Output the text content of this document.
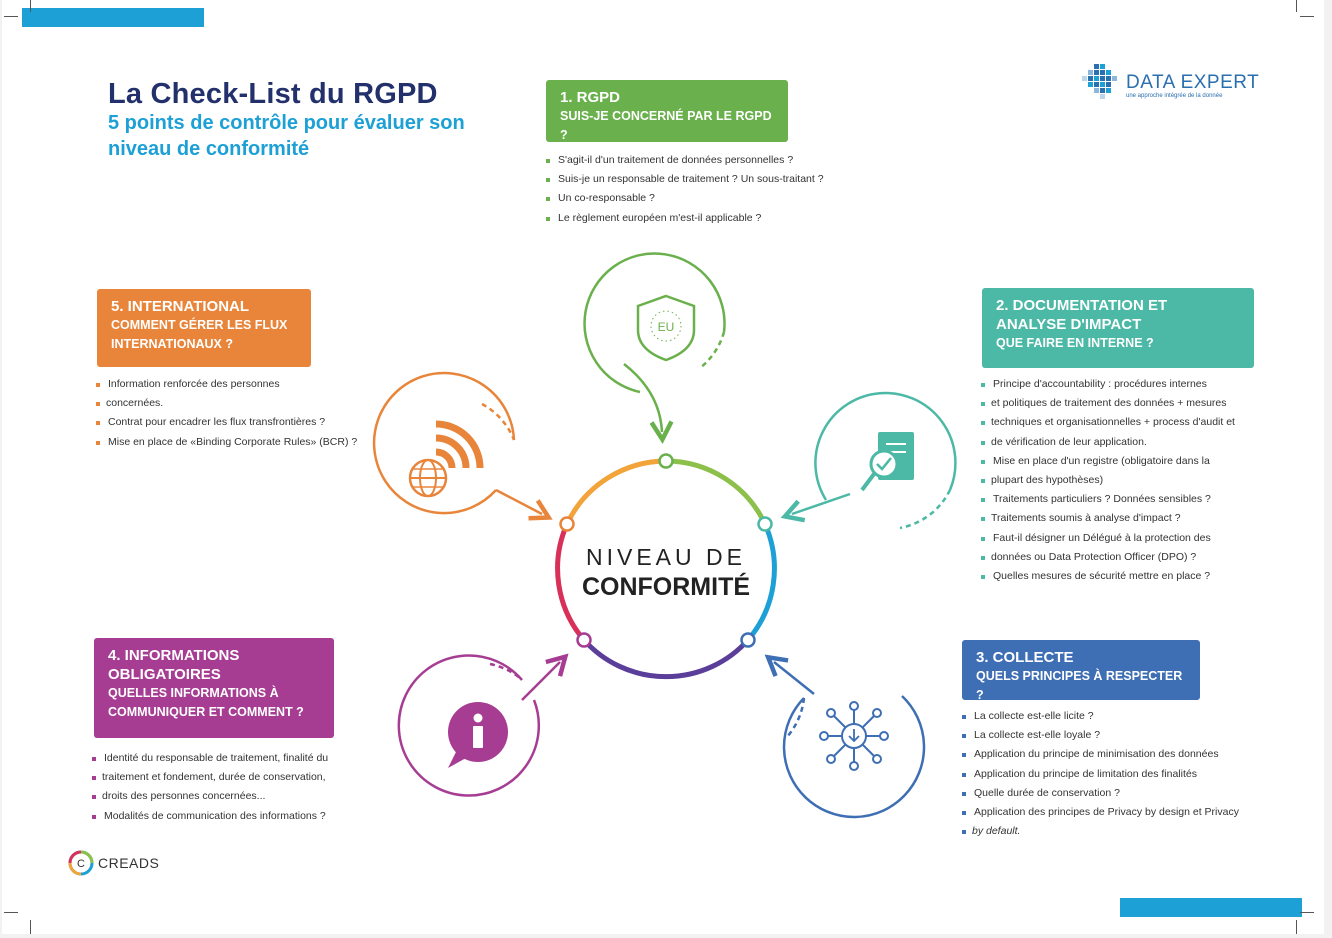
La Check-List du RGPD
5 points de contrôle pour évaluer son niveau de conformité
DATA EXPERT
une approche intégrée de la donnée
EU
NIVEAU DE
CONFORMITÉ
1. RGPD
SUIS-JE CONCERNÉ PAR LE RGPD ?
S'agit-il d'un traitement de données personnelles ?
Suis-je un responsable de traitement ? Un sous-traitant ?
Un co-responsable ?
Le règlement européen m'est-il applicable ?
2. DOCUMENTATION ET ANALYSE D'IMPACT
QUE FAIRE EN INTERNE ?
Principe d'accountability : procédures internes
et politiques de traitement des données + mesures
techniques et organisationnelles + process d'audit et
de vérification de leur application.
Mise en place d'un registre (obligatoire dans la
plupart des hypothèses)
Traitements particuliers ? Données sensibles ?
Traitements soumis à analyse d'impact ?
Faut-il désigner un Délégué à la protection des
données ou Data Protection Officer (DPO) ?
Quelles mesures de sécurité mettre en place ?
3. COLLECTE
QUELS PRINCIPES À RESPECTER ?
La collecte est-elle licite ?
La collecte est-elle loyale ?
Application du principe de minimisation des données
Application du principe de limitation des finalités
Quelle durée de conservation ?
Application des principes de Privacy by design et Privacy
by default.
4. INFORMATIONS OBLIGATOIRES
QUELLES INFORMATIONS À COMMUNIQUER ET COMMENT ?
Identité du responsable de traitement, finalité du
traitement et fondement, durée de conservation,
droits des personnes concernées...
Modalités de communication des informations ?
5. INTERNATIONAL
COMMENT GÉRER LES FLUX INTERNATIONAUX ?
Information renforcée des personnes
concernées.
Contrat pour encadrer les flux transfrontières ?
Mise en place de «Binding Corporate Rules» (BCR) ?
C CREADS
